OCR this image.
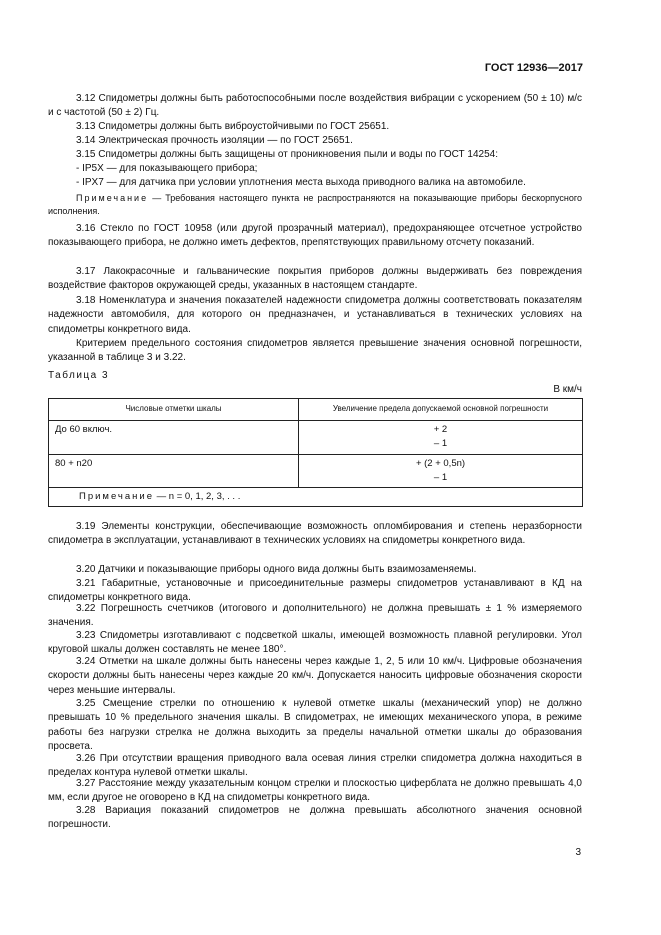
ГОСТ 12936—2017

3.12 Спидометры должны быть работоспособными после воздействия вибрации с ускорением (50 ± 10) м/с и с частотой (50 ± 2) Гц.

3.13 Спидометры должны быть виброустойчивыми по ГОСТ 25651.

3.14 Электрическая прочность изоляции — по ГОСТ 25651.

3.15 Спидометры должны быть защищены от проникновения пыли и воды по ГОСТ 14254:

- IP5X — для показывающего прибора;

- IPX7 — для датчика при условии уплотнения места выхода приводного валика на автомобиле.

Примечание — Требования настоящего пункта не распространяются на показывающие приборы бескорпусного исполнения.

3.16 Стекло по ГОСТ 10958 (или другой прозрачный материал), предохраняющее отсчетное устройство показывающего прибора, не должно иметь дефектов, препятствующих правильному отсчету показаний.

3.17 Лакокрасочные и гальванические покрытия приборов должны выдерживать без повреждения воздействие факторов окружающей среды, указанных в настоящем стандарте.

3.18 Номенклатура и значения показателей надежности спидометра должны соответствовать показателям надежности автомобиля, для которого он предназначен, и устанавливаться в технических условиях на спидометры конкретного вида.

Критерием предельного состояния спидометров является превышение значения основной погрешности, указанной в таблице 3 и 3.22.

Таблица 3
В км/ч
Числовые отметки шкалы	Увеличение предела допускаемой основной погрешности
До 60 включ.	+ 2
– 1

80 + n20	+ (2 + 0,5n)
– 1

Примечание — n = 0, 1, 2, 3, . . .	

3.19 Элементы конструкции, обеспечивающие возможность опломбирования и степень неразборности спидометра в эксплуатации, устанавливают в технических условиях на спидометры конкретного вида.

3.20 Датчики и показывающие приборы одного вида должны быть взаимозаменяемы.

3.21 Габаритные, установочные и присоединительные размеры спидометров устанавливают в КД на спидометры конкретного вида.

3.22 Погрешность счетчиков (итогового и дополнительного) не должна превышать ± 1 % измеряемого значения.

3.23 Спидометры изготавливают с подсветкой шкалы, имеющей возможность плавной регулировки. Угол круговой шкалы должен составлять не менее 180°.

3.24 Отметки на шкале должны быть нанесены через каждые 1, 2, 5 или 10 км/ч. Цифровые обозначения скорости должны быть нанесены через каждые 20 км/ч. Допускается наносить цифровые обозначения скорости через меньшие интервалы.

3.25 Смещение стрелки по отношению к нулевой отметке шкалы (механический упор) не должно превышать 10 % предельного значения шкалы. В спидометрах, не имеющих механического упора, в режиме работы без нагрузки стрелка не должна выходить за пределы начальной отметки шкалы до образования просвета.

3.26 При отсутствии вращения приводного вала осевая линия стрелки спидометра должна находиться в пределах контура нулевой отметки шкалы.

3.27 Расстояние между указательным концом стрелки и плоскостью циферблата не должно превышать 4,0 мм, если другое не оговорено в КД на спидометры конкретного вида.

3.28 Вариация показаний спидометров не должна превышать абсолютного значения основной погрешности.

3
